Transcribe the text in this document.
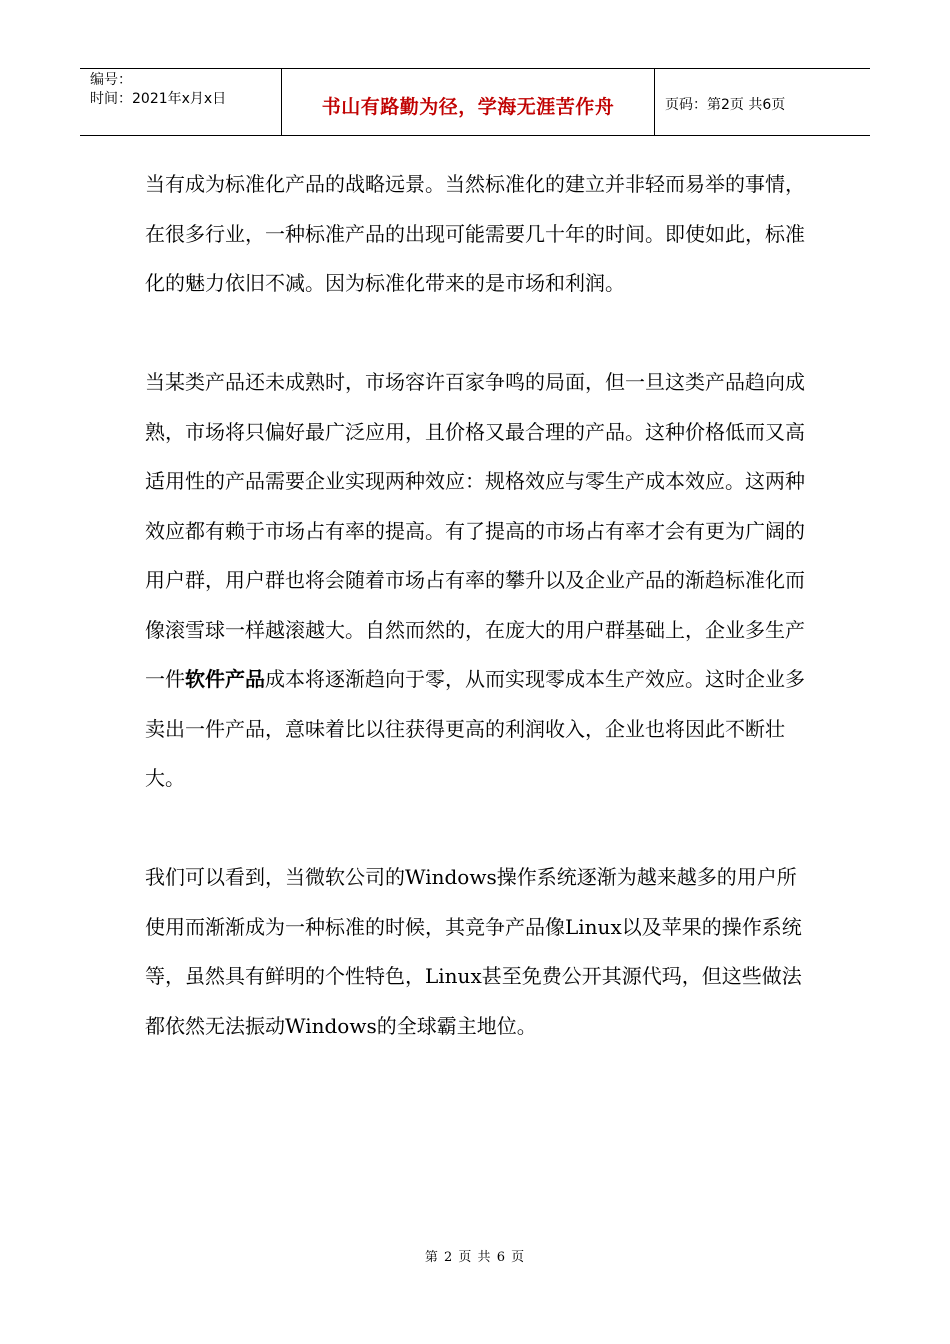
编号：
时间：2021年x月x日	书山有路勤为径，学海无涯苦作舟	页码：第2页 共6页

当有成为标准化产品的战略远景。当然标准化的建立并非轻而易举的事情，在很多行业，一种标准产品的出现可能需要几十年的时间。即使如此，标准化的魅力依旧不减。因为标准化带来的是市场和利润。

当某类产品还未成熟时，市场容许百家争鸣的局面，但一旦这类产品趋向成熟，市场将只偏好最广泛应用，且价格又最合理的产品。这种价格低而又高适用性的产品需要企业实现两种效应：规格效应与零生产成本效应。这两种效应都有赖于市场占有率的提高。有了提高的市场占有率才会有更为广阔的用户群，用户群也将会随着市场占有率的攀升以及企业产品的渐趋标准化而像滚雪球一样越滚越大。自然而然的，在庞大的用户群基础上，企业多生产一件软件产品成本将逐渐趋向于零，从而实现零成本生产效应。这时企业多卖出一件产品，意味着比以往获得更高的利润收入，企业也将因此不断壮大。

我们可以看到，当微软公司的Windows操作系统逐渐为越来越多的用户所使用而渐渐成为一种标准的时候，其竞争产品像Linux以及苹果的操作系统等，虽然具有鲜明的个性特色，Linux甚至免费公开其源代玛，但这些做法都依然无法振动Windows的全球霸主地位。

第 2 页 共 6 页
